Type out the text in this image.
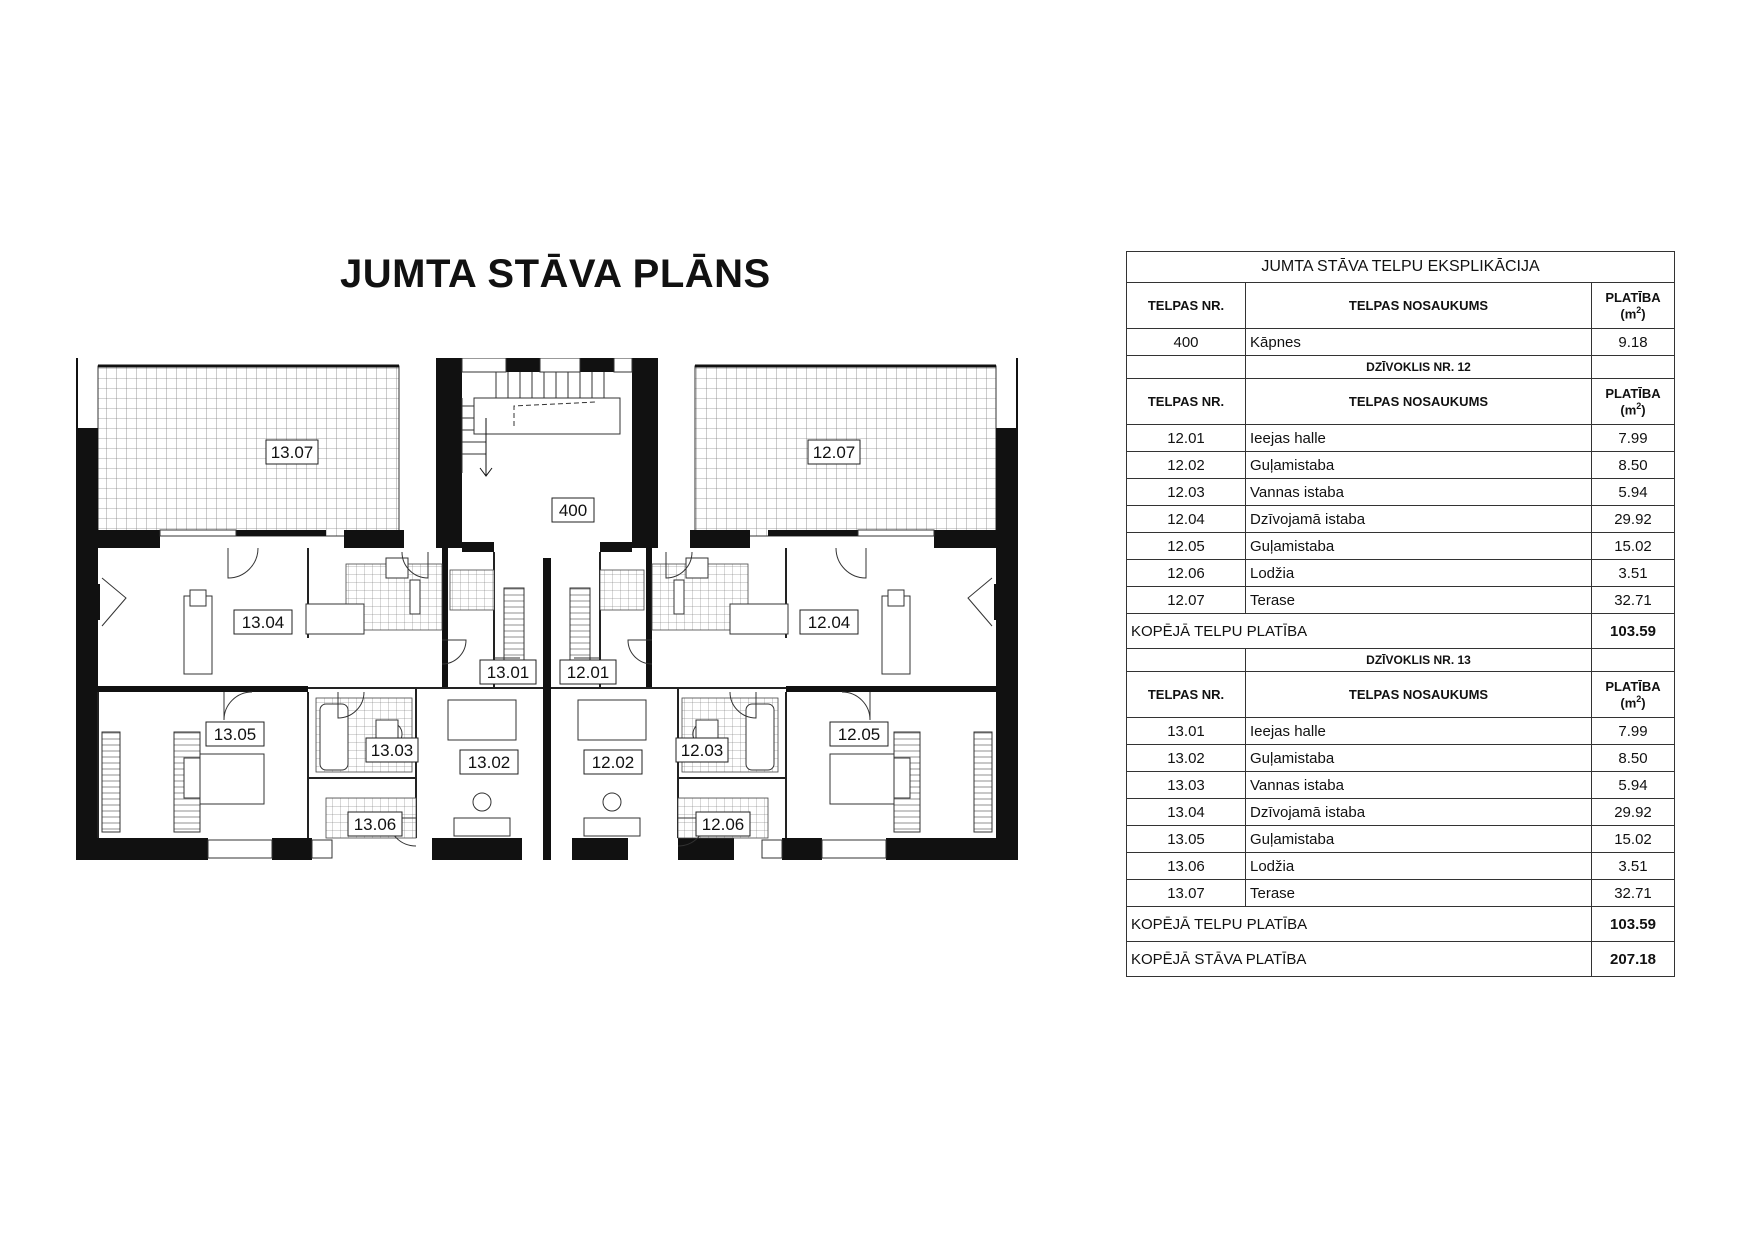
JUMTA STĀVA PLĀNS
13.07	12.07
400
13.04	12.04
13.01 12.01
13.05	12.05
13.03	12.03
13.02	12.02
13.06	12.06
JUMTA STĀVA TELPU EKSPLIKĀCIJA		
TELPAS NR.	TELPAS NOSAUKUMS	PLATĪBA
$(m^2)$
400	Kāpnes	9.18
	DZĪVOKLIS NR. 12	
TELPAS NR.	TELPAS NOSAUKUMS	PLATĪBA
$(m^2)$
12.01	Ieejas halle	7.99
12.02	Guļamistaba	8.50
12.03	Vannas istaba	5.94
12.04	Dzīvojamā istaba	29.92
12.05	Guļamistaba	15.02
12.06	Lodžia	3.51
12.07	Terase	32.71
KOPĒJĀ TELPU PLATĪBA		103.59
	DZĪVOKLIS NR. 13	
TELPAS NR.	TELPAS NOSAUKUMS	PLATĪBA
$(m^2)$
13.01	Ieejas halle	7.99
13.02	Guļamistaba	8.50
13.03	Vannas istaba	5.94
13.04	Dzīvojamā istaba	29.92
13.05	Guļamistaba	15.02
13.06	Lodžia	3.51
13.07	Terase	32.71
KOPĒJĀ TELPU PLATĪBA		103.59
KOPĒJĀ STĀVA PLATĪBA		207.18
